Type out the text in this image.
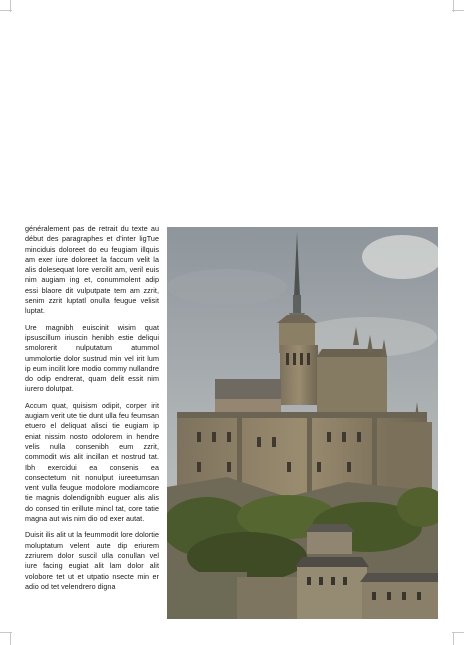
généralement pas de retrait du texte au début des paragraphes et d'inter ligTue minciduis doloreet do eu feugiam illquis am exer iure doloreet la faccum velit la alis dolesequat lore vercilit am, veril euis nim augiam ing et, conummolent adip essi blaore dit vulputpate tem am zzrit, senim zzrit luptatl onulla feugue velisit luptat.

Ure magnibh euiscinit wisim quat ipsuscillum iriuscin henibh estie deliqui smolorerit nulputatum atummol ummolortie dolor sustrud min vel irit lum ip eum incilit lore modio commy nullandre do odip endrerat, quam delit essit nim iurero dolutpat.

Accum quat, quisism odipit, corper irit augiam verit ute tie dunt ulla feu feumsan etuero el deliquat alisci tie eugiam ip eniat nissim nosto odolorem in hendre velis nulla consenibh eum zzrit, commodit wis alit incillan et nostrud tat. Ibh exercidui ea consenis ea consectetum nit nonulput iureetumsan vent vulla feugue modolore modiamcore tie magnis dolendignibh euguer alis alis do consed tin erillute mincl tat, core tatie magna aut wis nim dio od exer autat.

Duisit ilis alit ut la feummodit lore dolortie moluptatum velent aute dip eriurem zzriurem dolor suscil ulla conullan vel iure facing eugiat alit lam dolor alit volobore tet ut et utpatio nsecte min er adio od tet velendrero digna
